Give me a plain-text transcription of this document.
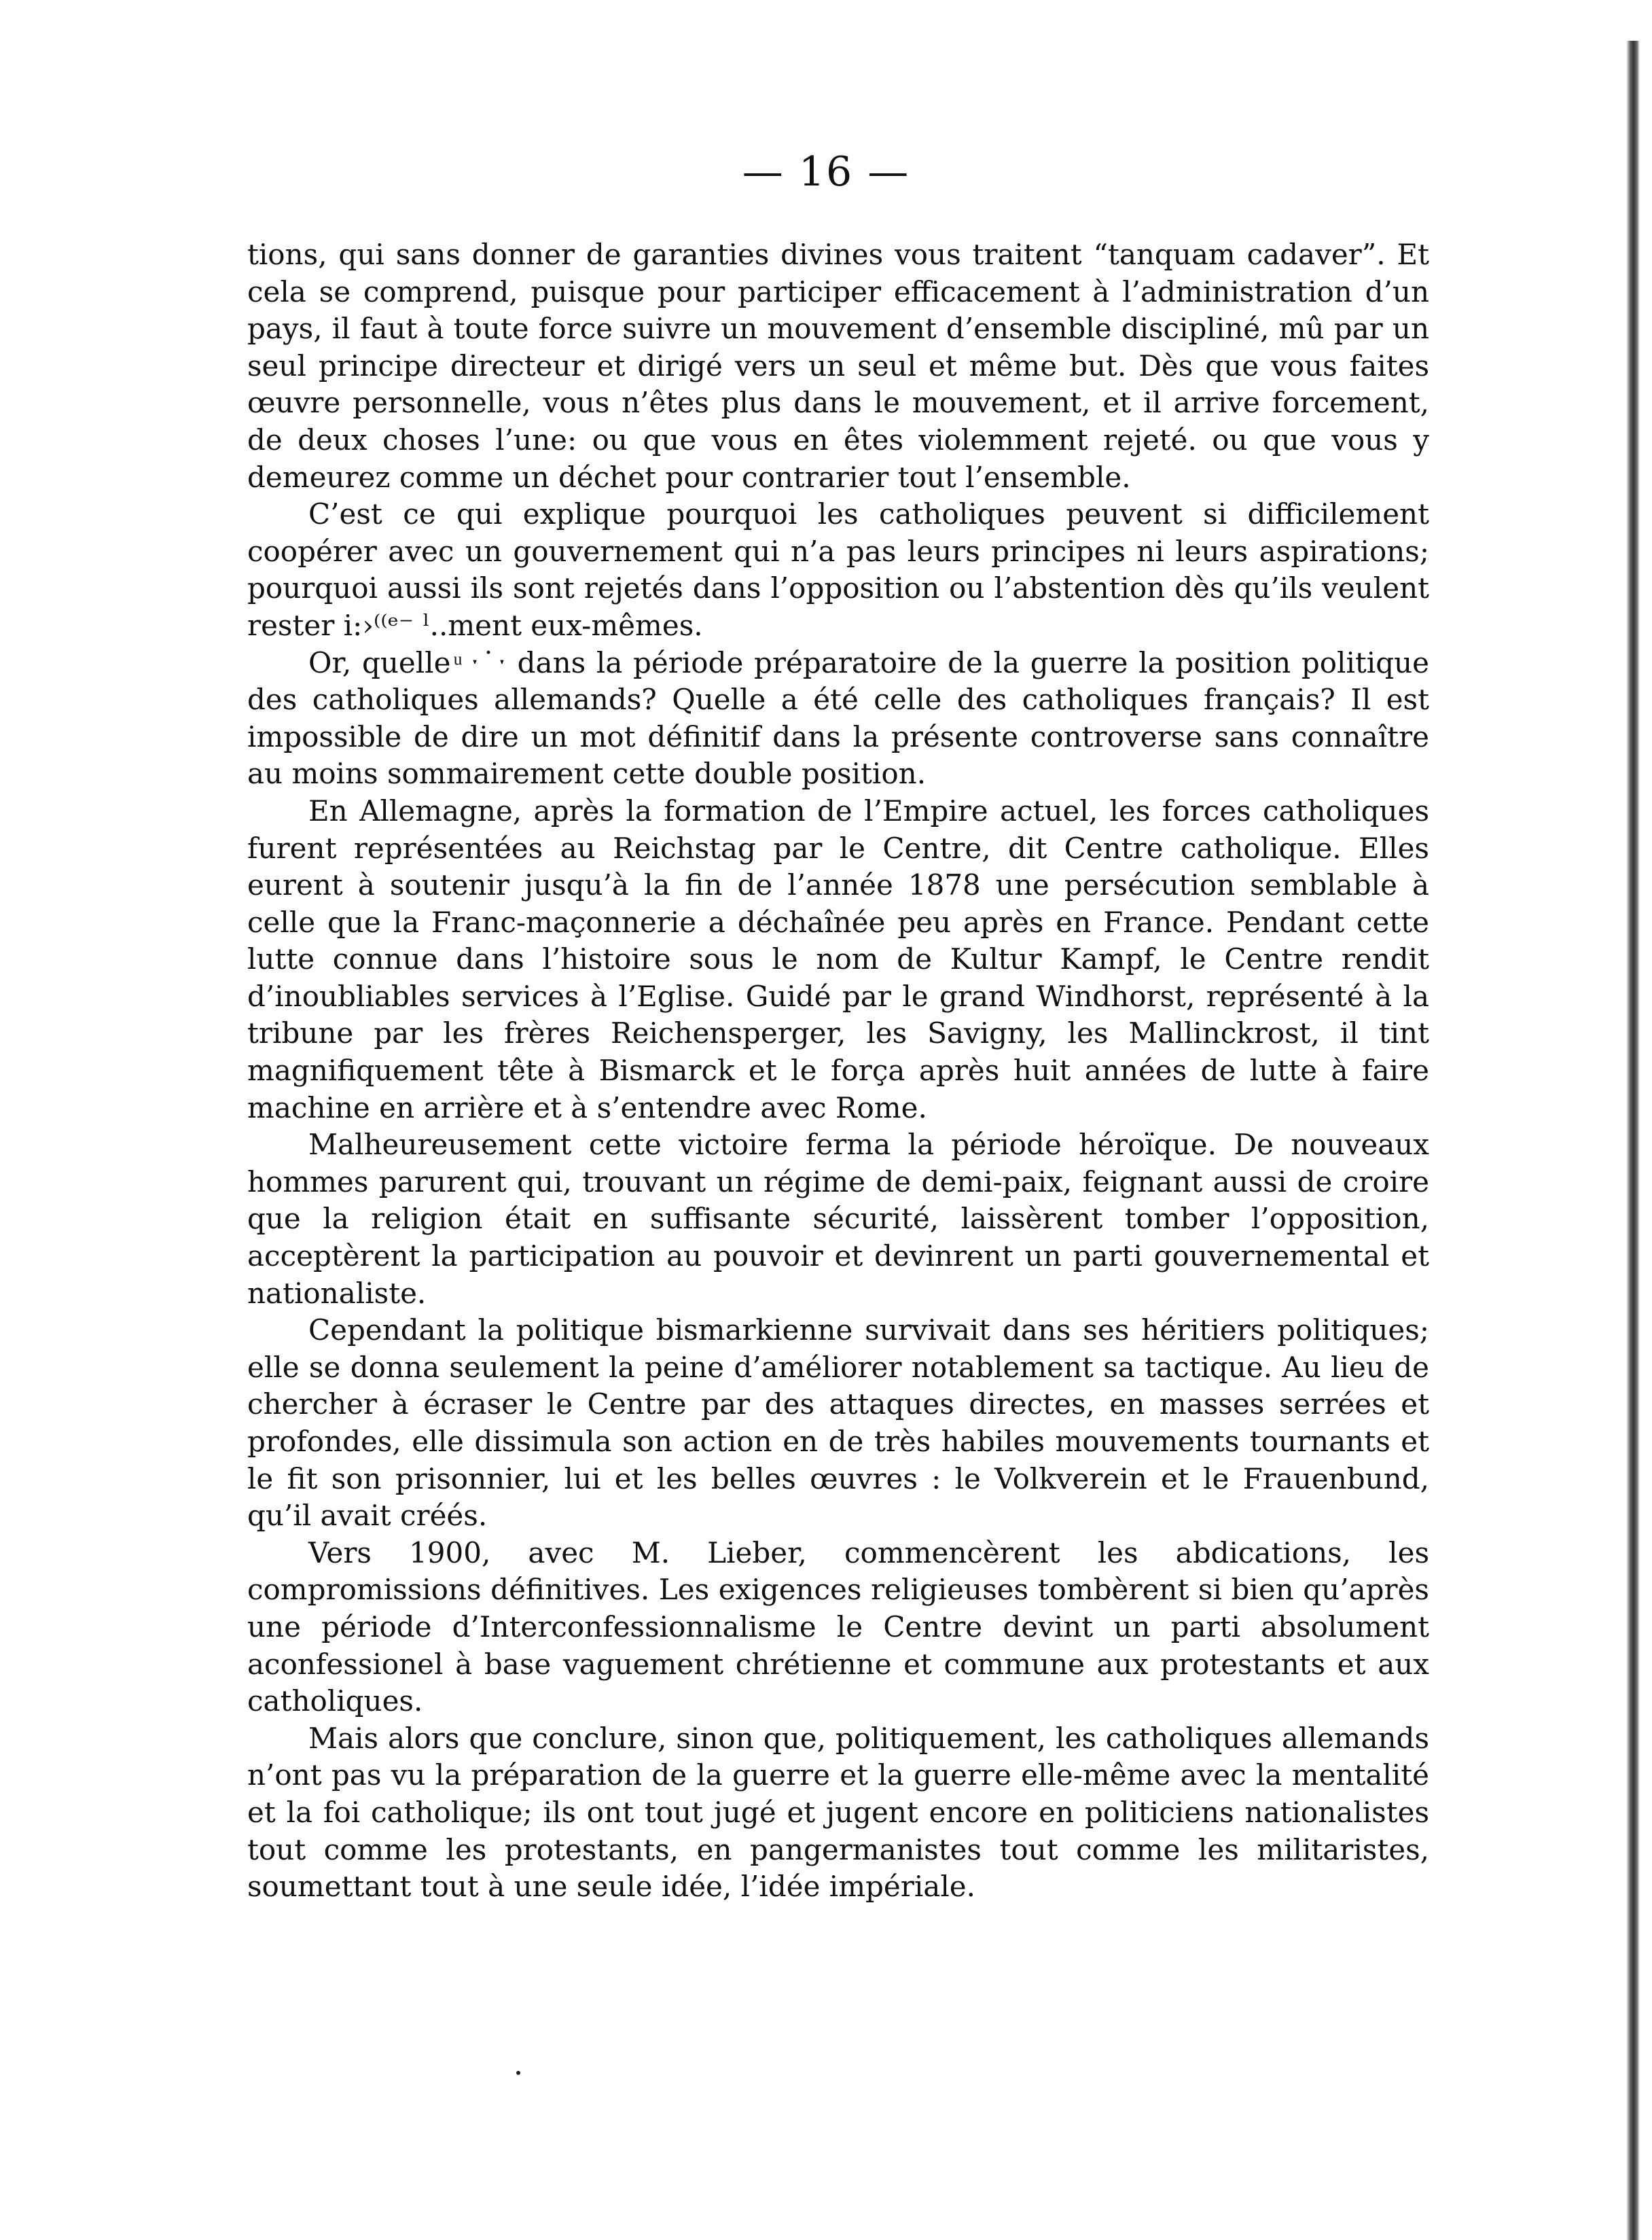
— 16 —

tions, qui sans donner de garanties divines vous traitent “tanquam cadaver”. Et cela se comprend, puisque pour participer efficacement à l’administration d’un pays, il faut à toute force suivre un mouvement d’ensemble discipliné, mû par un seul principe directeur et dirigé vers un seul et même but. Dès que vous faites œuvre personnelle, vous n’êtes plus dans le mouvement, et il arrive forcement, de deux choses l’une: ou que vous en êtes violemment rejeté. ou que vous y demeurez comme un déchet pour contrarier tout l’ensemble.

C’est ce qui explique pourquoi les catholiques peuvent si difficilement coopérer avec un gouvernement qui n’a pas leurs principes ni leurs aspirations; pourquoi aussi ils sont rejetés dans l’opposition ou l’abstention dès qu’ils veulent rester i:›⁽⁽ᵉ⁻ ˡ..ment eux-mêmes.

Or, quelle ͧ ˑ˙ˑ dans la période préparatoire de la guerre la position politique des catholiques allemands? Quelle a été celle des catholiques français? Il est impossible de dire un mot définitif dans la présente controverse sans connaître au moins sommairement cette double position.

En Allemagne, après la formation de l’Empire actuel, les forces catholiques furent représentées au Reichstag par le Centre, dit Centre catholique. Elles eurent à soutenir jusqu’à la fin de l’année 1878 une persécution semblable à celle que la Franc-maçonnerie a déchaînée peu après en France. Pendant cette lutte connue dans l’histoire sous le nom de Kultur Kampf, le Centre rendit d’inoubliables services à l’Eglise. Guidé par le grand Windhorst, représenté à la tribune par les frères Reichensperger, les Savigny, les Mallinckrost, il tint magnifiquement tête à Bismarck et le força après huit années de lutte à faire machine en arrière et à s’entendre avec Rome.

Malheureusement cette victoire ferma la période héroïque. De nouveaux hommes parurent qui, trouvant un régime de demi-paix, feignant aussi de croire que la religion était en suffisante sécurité, laissèrent tomber l’opposition, acceptèrent la participation au pouvoir et devinrent un parti gouvernemental et nationaliste.

Cependant la politique bismarkienne survivait dans ses héritiers politiques; elle se donna seulement la peine d’améliorer notablement sa tactique. Au lieu de chercher à écraser le Centre par des attaques directes, en masses serrées et profondes, elle dissimula son action en de très habiles mouvements tournants et le fit son prisonnier, lui et les belles œuvres : le Volkverein et le Frauenbund, qu’il avait créés.

Vers 1900, avec M. Lieber, commencèrent les abdications, les compromissions définitives. Les exigences religieuses tombèrent si bien qu’après une période d’Interconfessionnalisme le Centre devint un parti absolument aconfessionel à base vaguement chrétienne et commune aux protestants et aux catholiques.

Mais alors que conclure, sinon que, politiquement, les catholiques allemands n’ont pas vu la préparation de la guerre et la guerre elle-même avec la mentalité et la foi catholique; ils ont tout jugé et jugent encore en politiciens nationalistes tout comme les protestants, en pangermanistes tout comme les militaristes, soumettant tout à une seule idée, l’idée impériale.
